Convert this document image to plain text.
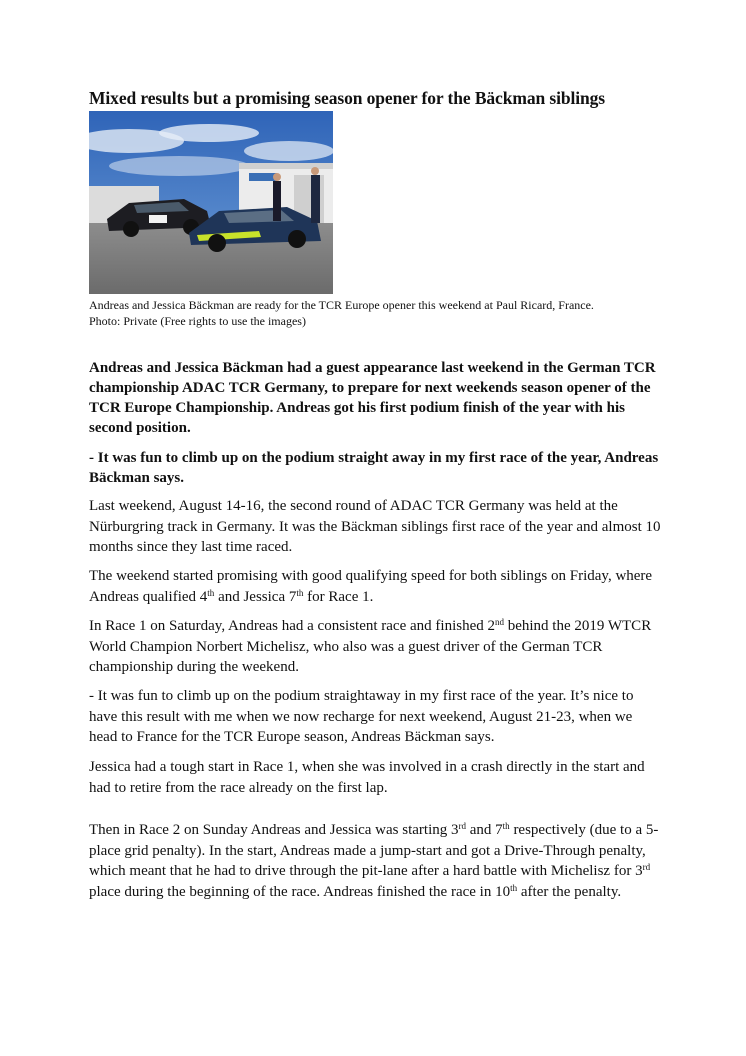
Mixed results but a promising season opener for the Bäckman siblings

Andreas and Jessica Bäckman are ready for the TCR Europe opener this weekend at Paul Ricard, France.

Photo: Private (Free rights to use the images)

Andreas and Jessica Bäckman had a guest appearance last weekend in the German TCR championship ADAC TCR Germany, to prepare for next weekends season opener of the TCR Europe Championship. Andreas got his first podium finish of the year with his second position.

- It was fun to climb up on the podium straight away in my first race of the year, Andreas Bäckman says.

Last weekend, August 14-16, the second round of ADAC TCR Germany was held at the Nürburgring track in Germany. It was the Bäckman siblings first race of the year and almost 10 months since they last time raced.

The weekend started promising with good qualifying speed for both siblings on Friday, where Andreas qualified 4th and Jessica 7th for Race 1.

In Race 1 on Saturday, Andreas had a consistent race and finished 2nd behind the 2019 WTCR World Champion Norbert Michelisz, who also was a guest driver of the German TCR championship during the weekend.

- It was fun to climb up on the podium straightaway in my first race of the year. It’s nice to have this result with me when we now recharge for next weekend, August 21-23, when we head to France for the TCR Europe season, Andreas Bäckman says.

Jessica had a tough start in Race 1, when she was involved in a crash directly in the start and had to retire from the race already on the first lap.

Then in Race 2 on Sunday Andreas and Jessica was starting 3rd and 7th respectively (due to a 5-place grid penalty). In the start, Andreas made a jump-start and got a Drive-Through penalty, which meant that he had to drive through the pit-lane after a hard battle with Michelisz for 3rd place during the beginning of the race. Andreas finished the race in 10th after the penalty.
